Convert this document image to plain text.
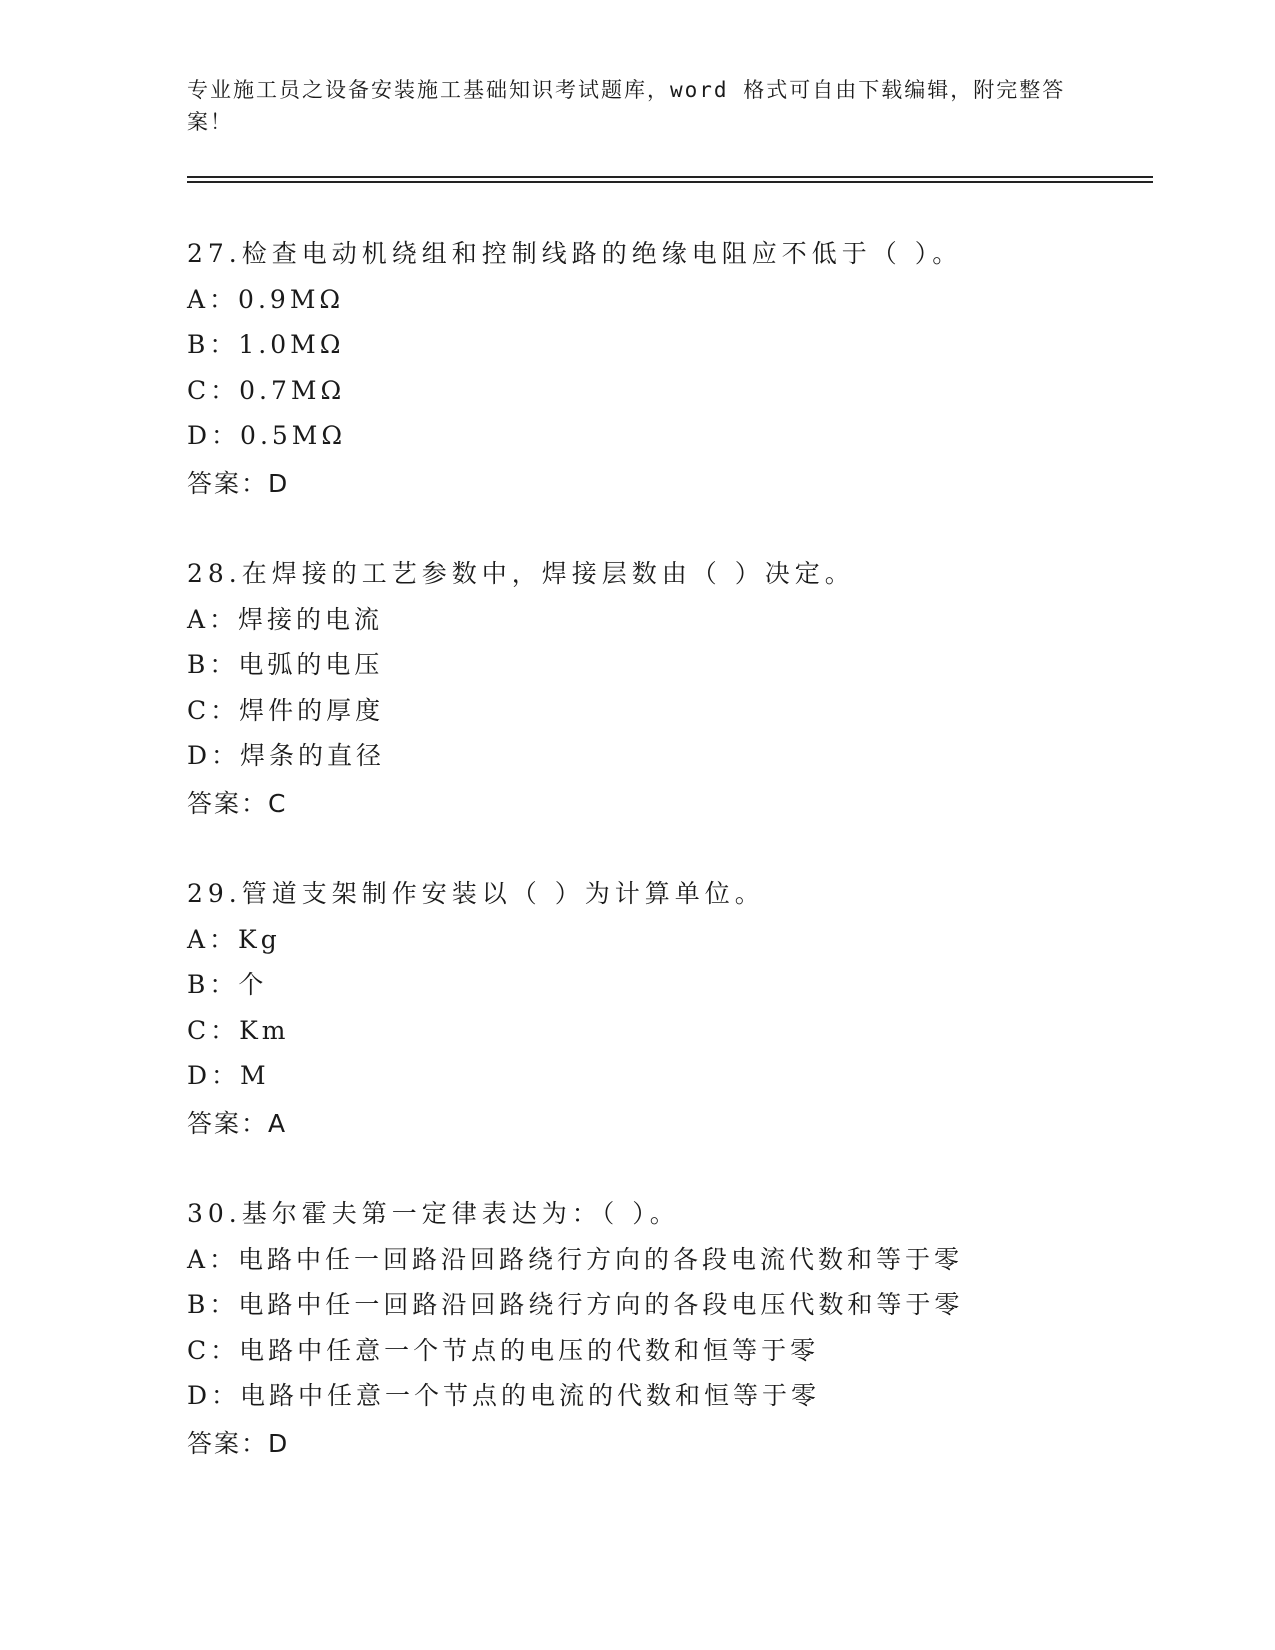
专业施工员之设备安装施工基础知识考试题库，word 格式可自由下载编辑，附完整答案！
27.检查电动机绕组和控制线路的绝缘电阻应不低于（ ）。
A：0.9MΩ
B：1.0MΩ
C：0.7MΩ
D：0.5MΩ
答案：D
28.在焊接的工艺参数中，焊接层数由（ ）决定。
A：焊接的电流
B：电弧的电压
C：焊件的厚度
D：焊条的直径
答案：C
29.管道支架制作安装以（ ）为计算单位。
A：Kg
B：个
C：Km
D：M
答案：A
30.基尔霍夫第一定律表达为：（ ）。
A：电路中任一回路沿回路绕行方向的各段电流代数和等于零
B：电路中任一回路沿回路绕行方向的各段电压代数和等于零
C：电路中任意一个节点的电压的代数和恒等于零
D：电路中任意一个节点的电流的代数和恒等于零
答案：D
